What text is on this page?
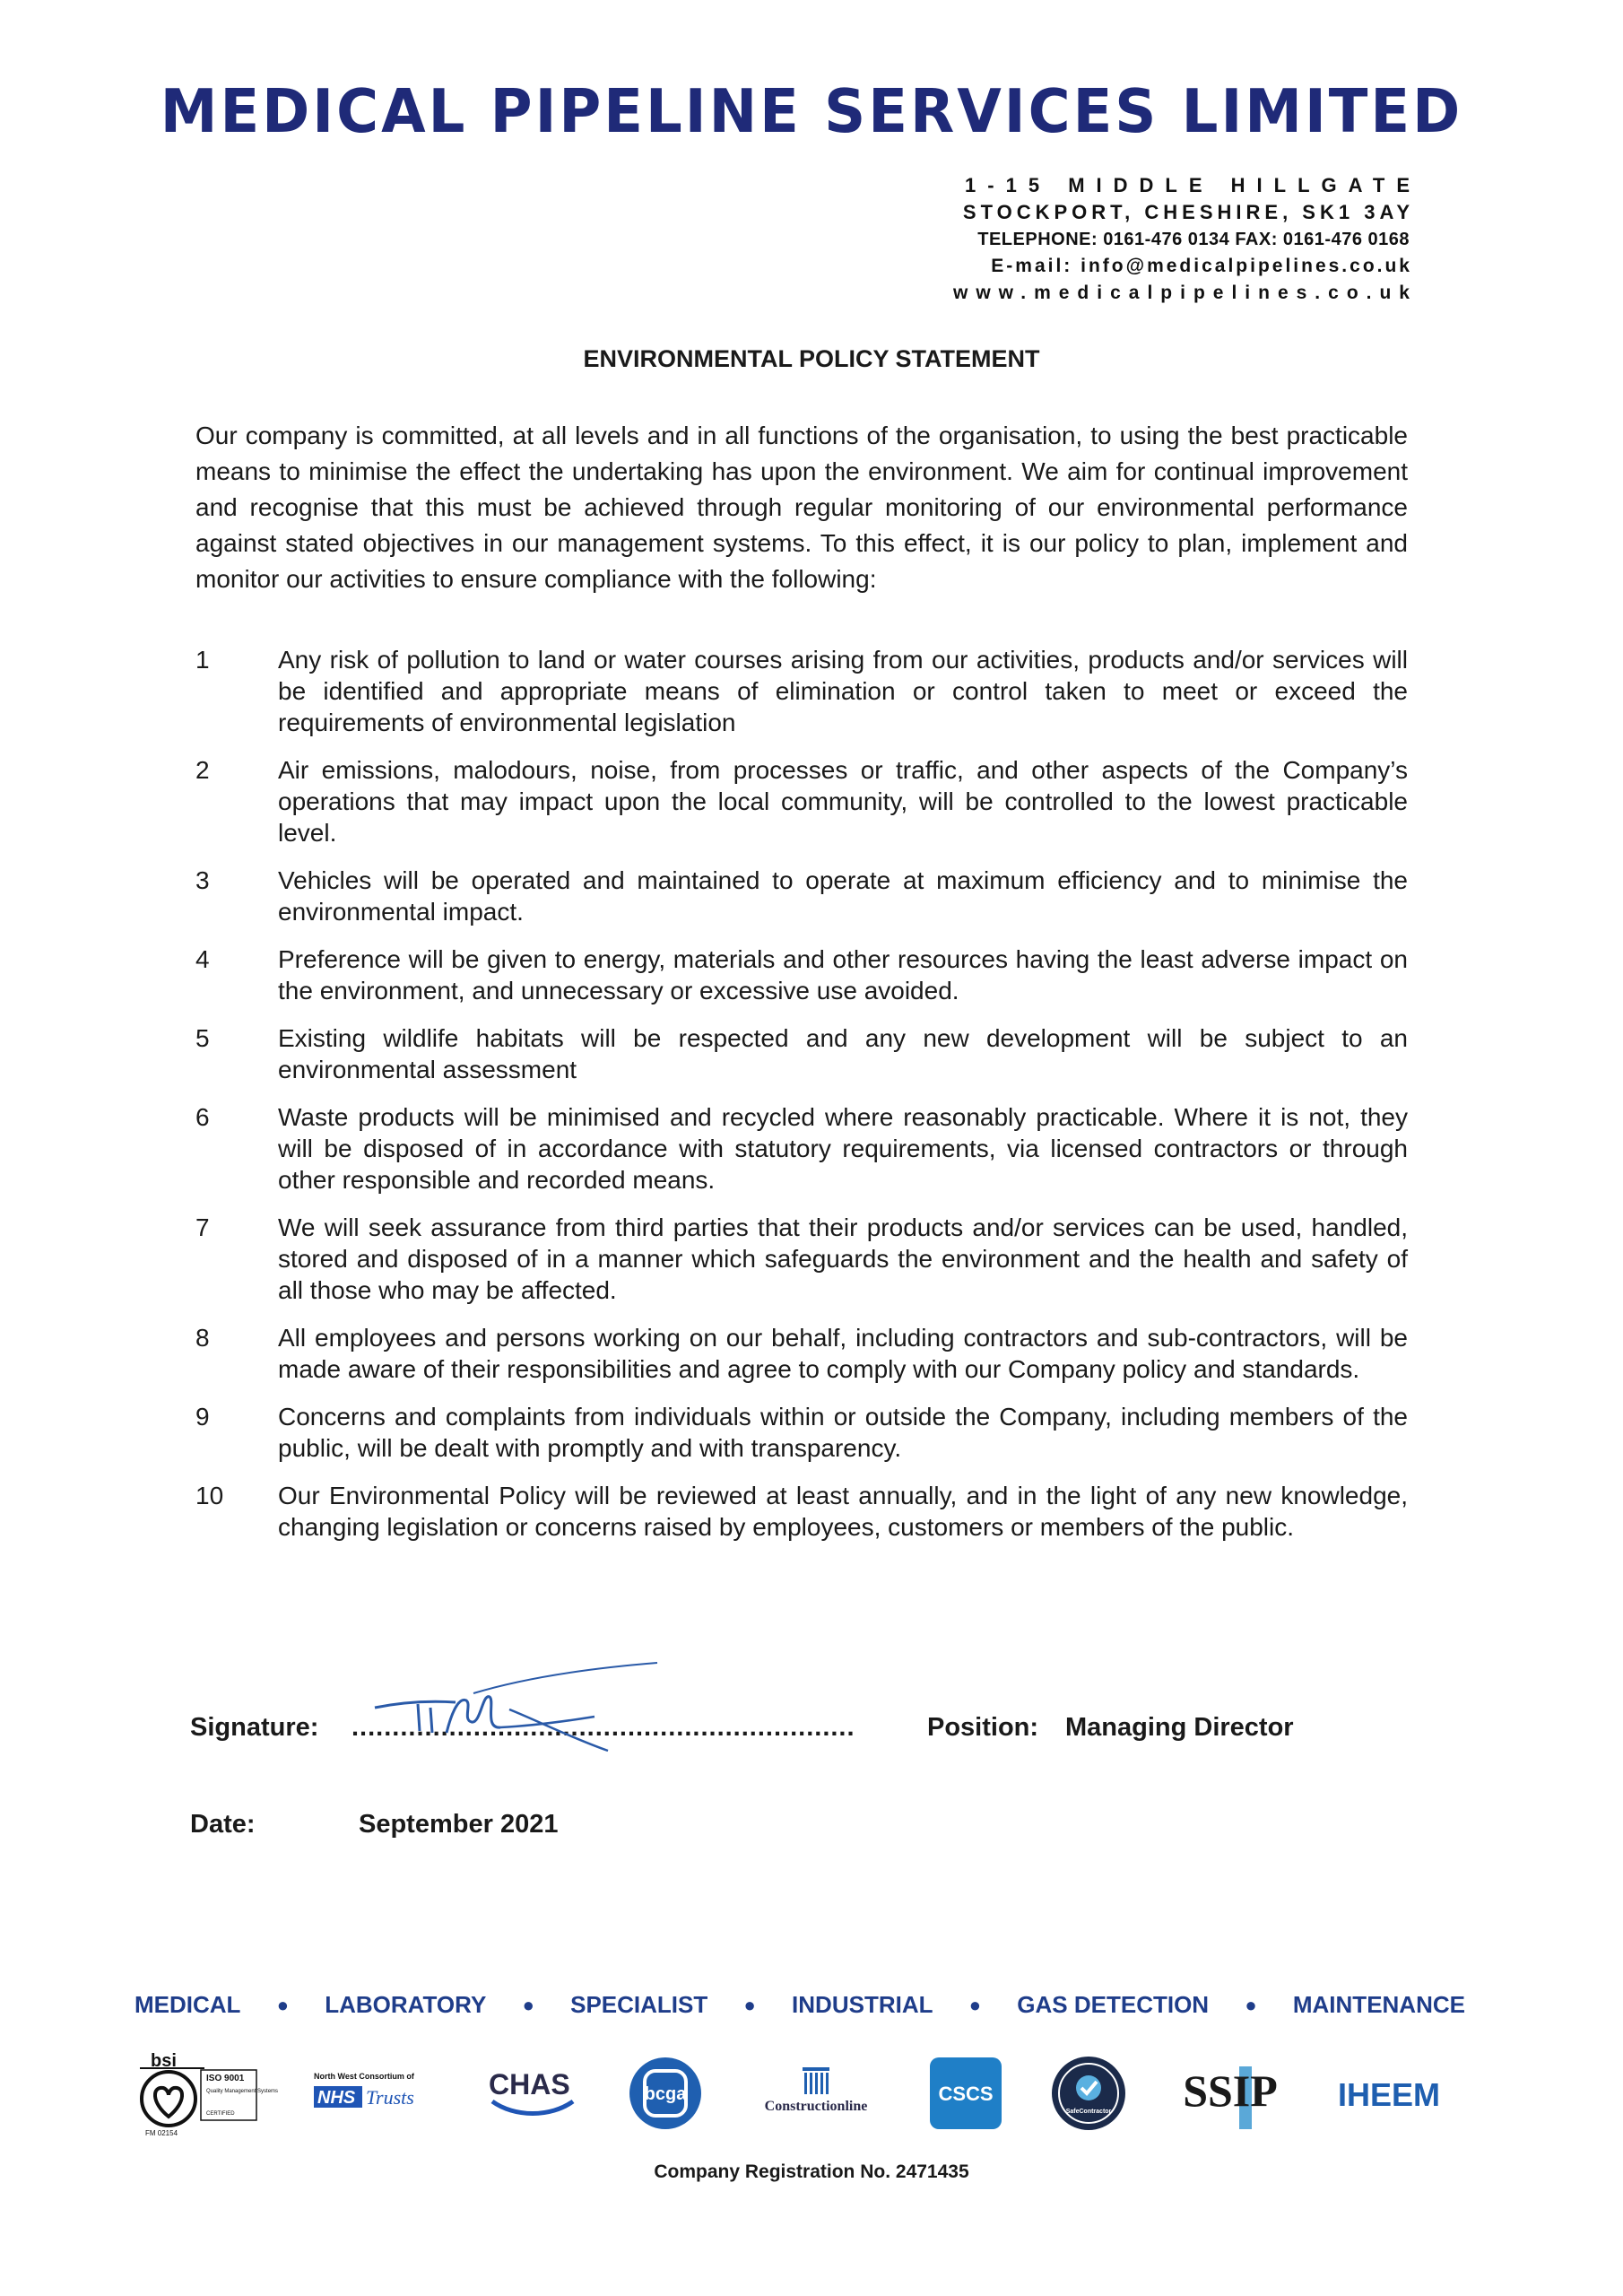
MEDICAL PIPELINE SERVICES LIMITED
1-15 MIDDLE HILLGATE
STOCKPORT, CHESHIRE, SK1 3AY
TELEPHONE: 0161-476 0134 FAX: 0161-476 0168
E-mail: info@medicalpipelines.co.uk
www.medicalpipelines.co.uk
ENVIRONMENTAL POLICY STATEMENT
Our company is committed, at all levels and in all functions of the organisation, to using the best practicable means to minimise the effect the undertaking has upon the environment. We aim for continual improvement and recognise that this must be achieved through regular monitoring of our environmental performance against stated objectives in our management systems. To this effect, it is our policy to plan, implement and monitor our activities to ensure compliance with the following:
1	Any risk of pollution to land or water courses arising from our activities, products and/or services will be identified and appropriate means of elimination or control taken to meet or exceed the requirements of environmental legislation
2	Air emissions, malodours, noise, from processes or traffic, and other aspects of the Company’s operations that may impact upon the local community, will be controlled to the lowest practicable level.
3	Vehicles will be operated and maintained to operate at maximum efficiency and to minimise the environmental impact.
4	Preference will be given to energy, materials and other resources having the least adverse impact on the environment, and unnecessary or excessive use avoided.
5	Existing wildlife habitats will be respected and any new development will be subject to an environmental assessment
6	Waste products will be minimised and recycled where reasonably practicable. Where it is not, they will be disposed of in accordance with statutory requirements, via licensed contractors or through other responsible and recorded means.
7	We will seek assurance from third parties that their products and/or services can be used, handled, stored and disposed of in a manner which safeguards the environment and the health and safety of all those who may be affected.
8	All employees and persons working on our behalf, including contractors and sub-contractors, will be made aware of their responsibilities and agree to comply with our Company policy and standards.
9	Concerns and complaints from individuals within or outside the Company, including members of the public, will be dealt with promptly and with transparency.
10	Our Environmental Policy will be reviewed at least annually, and in the light of any new knowledge, changing legislation or concerns raised by employees, customers or members of the public.
Signature: ..............................................................	Position: Managing Director
Date:	September 2021
MEDICAL ● LABORATORY ● SPECIALIST ● INDUSTRIAL ● GAS DETECTION ● MAINTENANCE
bsi
ISO 9001
Quality Management Systems
CERTIFIED
FM 02154
North West Consortium of
NHS Trusts	CHAS	bcga
Constructionline
CSCS
SafeContractor SSIP IHEEM
Company Registration No. 2471435
